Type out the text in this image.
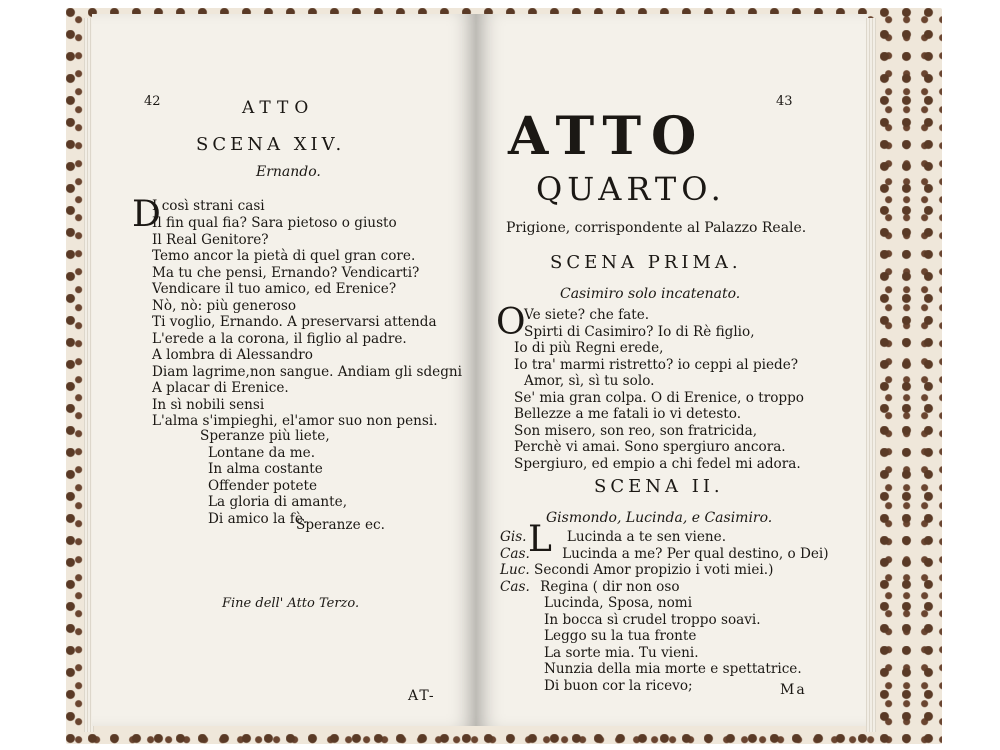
42	ATTO
SCENA XIV.
Ernando.
D
I così strani casi
Il fin qual fia? Sara pietoso o giusto
Il Real Genitore?
Temo ancor la pietà di quel gran core.
Ma tu che pensi, Ernando? Vendicarti?
Vendicare il tuo amico, ed Erenice?
Nò, nò: più generoso
Ti voglio, Ernando. A preservarsi attenda
L'erede a la corona, il figlio al padre.
A lombra di Alessandro
Diam lagrime,non sangue. Andiam gli sdegni
A placar di Erenice.
In sì nobili sensi
L'alma s'impieghi, el'amor suo non pensi.
Speranze più liete,
Lontane da me.
In alma costante
Offender potete
La gloria di amante,
Di amico la fè.
Speranze ec.
Fine dell' Atto Terzo.
AT-
43
ATTO
QUARTO.
Prigione, corrispondente al Palazzo Reale.
SCENA PRIMA.
Casimiro solo incatenato.
O
Ve siete? che fate.
Spirti di Casimiro? Io di Rè figlio,
Io di più Regni erede,
Io tra' marmi ristretto? io ceppi al piede?
Amor, sì, sì tu solo.
Se' mia gran colpa. O di Erenice, o troppo
Bellezze a me fatali io vi detesto.
Son misero, son reo, son fratricida,
Perchè vi amai. Sono spergiuro ancora.
Spergiuro, ed empio a chi fedel mi adora.
SCENA II.
Gismondo, Lucinda, e Casimiro.
L
Gis.	Lucinda a te sen viene.
Cas. Lucinda a me? Per qual destino, o Dei)
Luc. Secondi Amor propizio i voti miei.)
Cas. Regina ( dir non oso
Lucinda, Sposa, nomi
In bocca sì crudel troppo soavi.
Leggo su la tua fronte
La sorte mia. Tu vieni.
Nunzia della mia morte e spettatrice.
Di buon cor la ricevo;	Ma
